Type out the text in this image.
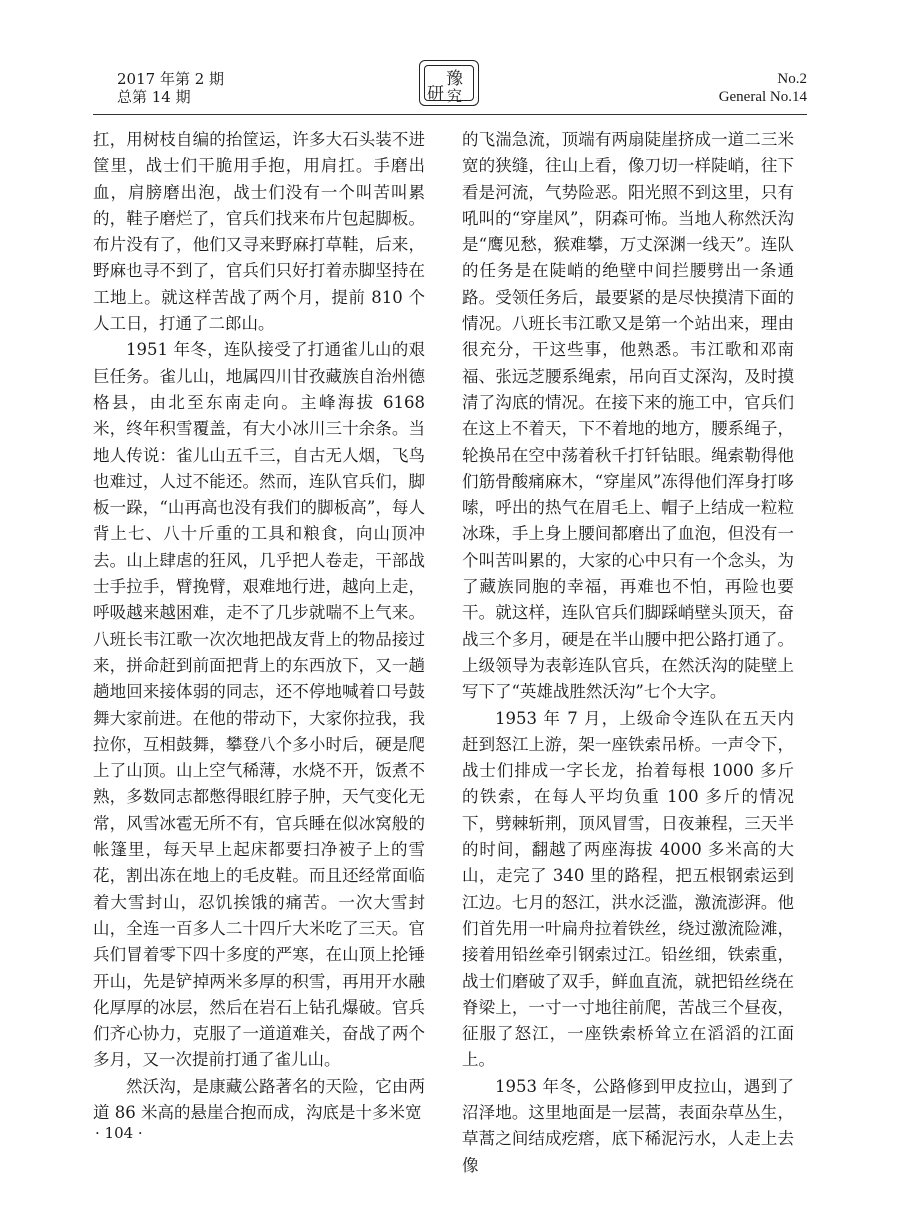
2017 年第 2 期
总第 14 期	研
豫
究
No.2
General No.14

扛，用树枝自编的抬筐运，许多大石头装不进筐里，战士们干脆用手抱，用肩扛。手磨出血，肩膀磨出泡，战士们没有一个叫苦叫累的，鞋子磨烂了，官兵们找来布片包起脚板。布片没有了，他们又寻来野麻打草鞋，后来，野麻也寻不到了，官兵们只好打着赤脚坚持在工地上。就这样苦战了两个月，提前 810 个人工日，打通了二郎山。

1951 年冬，连队接受了打通雀儿山的艰巨任务。雀儿山，地属四川甘孜藏族自治州德格县，由北至东南走向。主峰海拔 6168 米，终年积雪覆盖，有大小冰川三十余条。当地人传说：雀儿山五千三，自古无人烟，飞鸟也难过，人过不能还。然而，连队官兵们，脚板一跺，“山再高也没有我们的脚板高”，每人背上七、八十斤重的工具和粮食，向山顶冲去。山上肆虐的狂风，几乎把人卷走，干部战士手拉手，臂挽臂，艰难地行进，越向上走，呼吸越来越困难，走不了几步就喘不上气来。八班长韦江歌一次次地把战友背上的物品接过来，拼命赶到前面把背上的东西放下，又一趟趟地回来接体弱的同志，还不停地喊着口号鼓舞大家前进。在他的带动下，大家你拉我，我拉你，互相鼓舞，攀登八个多小时后，硬是爬上了山顶。山上空气稀薄，水烧不开，饭煮不熟，多数同志都憋得眼红脖子肿，天气变化无常，风雪冰雹无所不有，官兵睡在似冰窝般的帐篷里，每天早上起床都要扫净被子上的雪花，割出冻在地上的毛皮鞋。而且还经常面临着大雪封山，忍饥挨饿的痛苦。一次大雪封山，全连一百多人二十四斤大米吃了三天。官兵们冒着零下四十多度的严寒，在山顶上抡锤开山，先是铲掉两米多厚的积雪，再用开水融化厚厚的冰层，然后在岩石上钻孔爆破。官兵们齐心协力，克服了一道道难关，奋战了两个多月，又一次提前打通了雀儿山。

然沃沟，是康藏公路著名的天险，它由两道 86 米高的悬崖合抱而成，沟底是十多米宽

的飞湍急流，顶端有两扇陡崖挤成一道二三米宽的狭缝，往山上看，像刀切一样陡峭，往下看是河流，气势险恶。阳光照不到这里，只有吼叫的“穿崖风”，阴森可怖。当地人称然沃沟是“鹰见愁，猴难攀，万丈深渊一线天”。连队的任务是在陡峭的绝壁中间拦腰劈出一条通路。受领任务后，最要紧的是尽快摸清下面的情况。八班长韦江歌又是第一个站出来，理由很充分，干这些事，他熟悉。韦江歌和邓南福、张远芝腰系绳索，吊向百丈深沟，及时摸清了沟底的情况。在接下来的施工中，官兵们在这上不着天，下不着地的地方，腰系绳子，轮换吊在空中荡着秋千打钎钻眼。绳索勒得他们筋骨酸痛麻木，“穿崖风”冻得他们浑身打哆嗦，呼出的热气在眉毛上、帽子上结成一粒粒冰珠，手上身上腰间都磨出了血泡，但没有一个叫苦叫累的，大家的心中只有一个念头，为了藏族同胞的幸福，再难也不怕，再险也要干。就这样，连队官兵们脚踩峭壁头顶天，奋战三个多月，硬是在半山腰中把公路打通了。上级领导为表彰连队官兵，在然沃沟的陡壁上写下了“英雄战胜然沃沟”七个大字。

1953 年 7 月，上级命令连队在五天内赶到怒江上游，架一座铁索吊桥。一声令下，战士们排成一字长龙，抬着每根 1000 多斤的铁索，在每人平均负重 100 多斤的情况下，劈棘斩荆，顶风冒雪，日夜兼程，三天半的时间，翻越了两座海拔 4000 多米高的大山，走完了 340 里的路程，把五根钢索运到江边。七月的怒江，洪水泛滥，激流澎湃。他们首先用一叶扁舟拉着铁丝，绕过激流险滩，接着用铅丝牵引钢索过江。铅丝细，铁索重，战士们磨破了双手，鲜血直流，就把铅丝绕在脊梁上，一寸一寸地往前爬，苦战三个昼夜，征服了怒江，一座铁索桥耸立在滔滔的江面上。

1953 年冬，公路修到甲皮拉山，遇到了沼泽地。这里地面是一层蒿，表面杂草丛生，草蒿之间结成疙瘩，底下稀泥污水，人走上去像

· 104 ·
